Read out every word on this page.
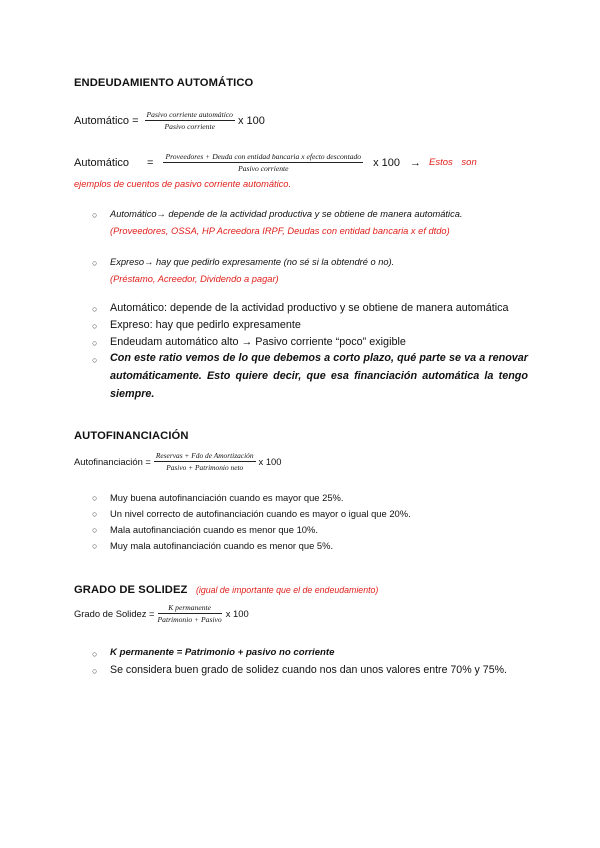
ENDEUDAMIENTO AUTOMÁTICO
Automático = $\frac{\text{Pasivo corriente automático}}{\text{Pasivo corriente}}$ x 100
Automático = $\frac{\text{Proveedores + Deuda con entidad bancaria x efecto descontado}}{\text{Pasivo corriente}}$ x 100 → Estos son
ejemplos de cuentos de pasivo corriente automático.
○ Automático→ depende de la actividad productiva y se obtiene de manera automática.
(Proveedores, OSSA, HP Acreedora IRPF, Deudas con entidad bancaria x ef dtdo)
○ Expreso→ hay que pedirlo expresamente (no sé si la obtendré o no).
(Préstamo, Acreedor, Dividendo a pagar)
○ Automático: depende de la actividad productivo y se obtiene de manera automática
○ Expreso: hay que pedirlo expresamente
○ Endeudam automático alto → Pasivo corriente “poco” exigible
○ Con este ratio vemos de lo que debemos a corto plazo, qué parte se va a renovar
automáticamente. Esto quiere decir, que esa financiación automática la tengo
siempre.
AUTOFINANCIACIÓN
Autofinanciación = $\frac{\text{Reservas + Fdo de Amortización}}{\text{Pasivo + Patrimonio neto}}$ x 100
○ Muy buena autofinanciación cuando es mayor que 25%.
○ Un nivel correcto de autofinanciación cuando es mayor o igual que 20%.
○ Mala autofinanciación cuando es menor que 10%.
○ Muy mala autofinanciación cuando es menor que 5%.
GRADO DE SOLIDEZ (igual de importante que el de endeudamiento)
Grado de Solidez = $\frac{\text{K permanente}}{\text{Patrimonio + Pasivo}}$ x 100
○ K permanente = Patrimonio + pasivo no corriente
○ Se considera buen grado de solidez cuando nos dan unos valores entre 70% y 75%.
